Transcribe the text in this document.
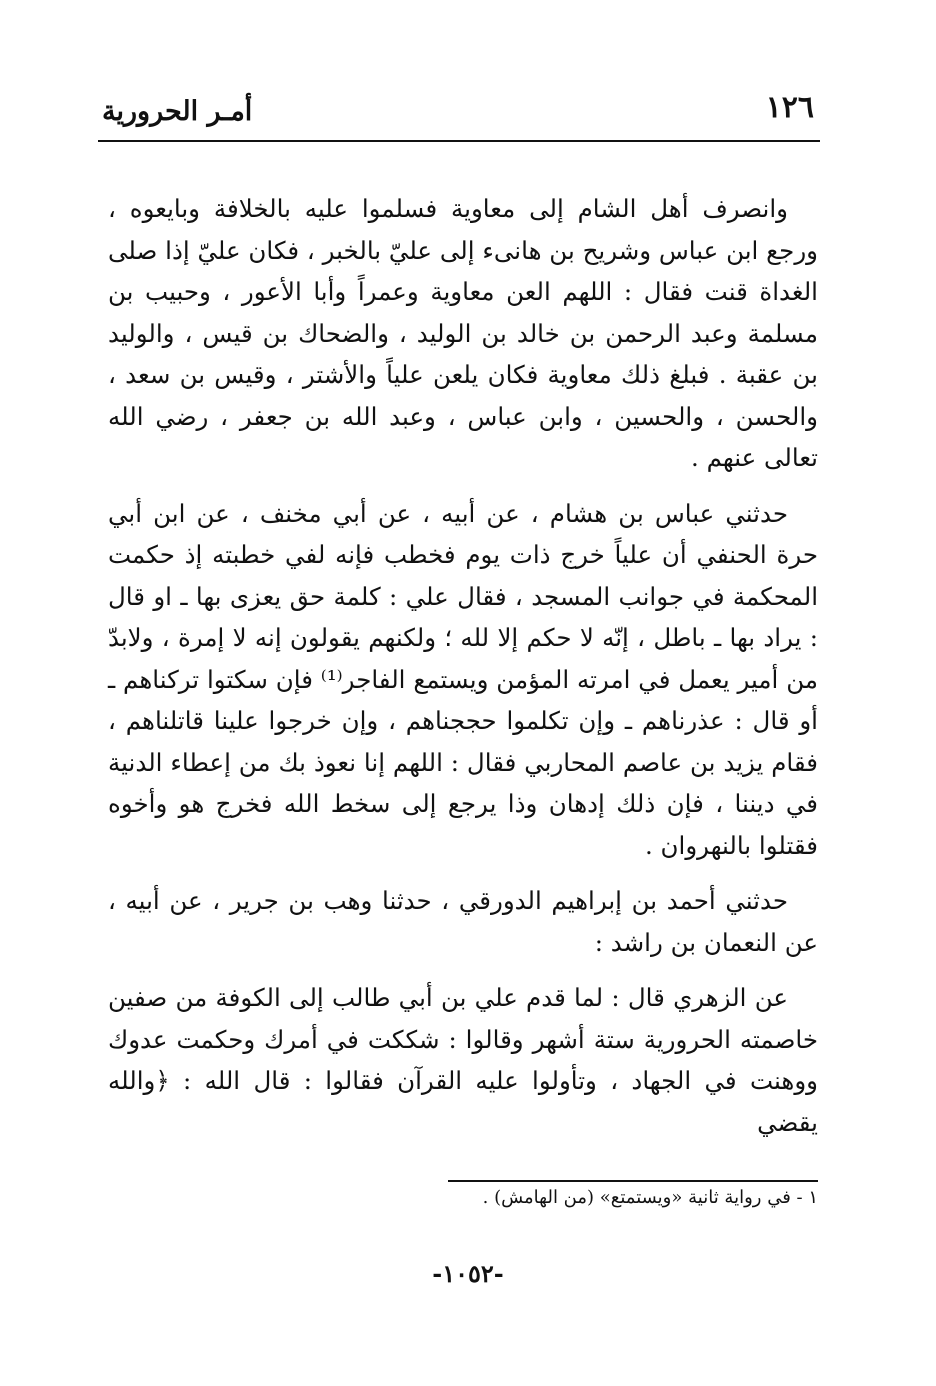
١٢٦
أمـر الحرورية

وانصرف أهل الشام إلى معاوية فسلموا عليه بالخلافة وبايعوه ، ورجع ابن عباس وشريح بن هانىء إلى عليّ بالخبر ، فكان عليّ إذا صلى الغداة قنت فقال : اللهم العن معاوية وعمراً وأبا الأعور ، وحبيب بن مسلمة وعبد الرحمن بن خالد بن الوليد ، والضحاك بن قيس ، والوليد بن عقبة . فبلغ ذلك معاوية فكان يلعن علياً والأشتر ، وقيس بن سعد ، والحسن ، والحسين ، وابن عباس ، وعبد الله بن جعفر ، رضي الله تعالى عنهم .

حدثني عباس بن هشام ، عن أبيه ، عن أبي مخنف ، عن ابن أبي حرة الحنفي أن علياً خرج ذات يوم فخطب فإنه لفي خطبته إذ حكمت المحكمة في جوانب المسجد ، فقال علي : كلمة حق يعزى بها ـ او قال : يراد بها ـ باطل ، إنّه لا حكم إلا لله ؛ ولكنهم يقولون إنه لا إمرة ، ولابدّ من أمير يعمل في امرته المؤمن ويستمع الفاجر⁽¹⁾ فإن سكتوا تركناهم ـ أو قال : عذرناهم ـ وإن تكلموا حججناهم ، وإن خرجوا علينا قاتلناهم ، فقام يزيد بن عاصم المحاربي فقال : اللهم إنا نعوذ بك من إعطاء الدنية في ديننا ، فإن ذلك إدهان وذا يرجع إلى سخط الله فخرج هو وأخوه فقتلوا بالنهروان .

حدثني أحمد بن إبراهيم الدورقي ، حدثنا وهب بن جرير ، عن أبيه ، عن النعمان بن راشد :

عن الزهري قال : لما قدم علي بن أبي طالب إلى الكوفة من صفين خاصمته الحرورية ستة أشهر وقالوا : شككت في أمرك وحكمت عدوك ووهنت في الجهاد ، وتأولوا عليه القرآن فقالوا : قال الله : ﴿والله يقضي

١ - في رواية ثانية «ويستمتع» (من الهامش) .
-١٠٥٢-
